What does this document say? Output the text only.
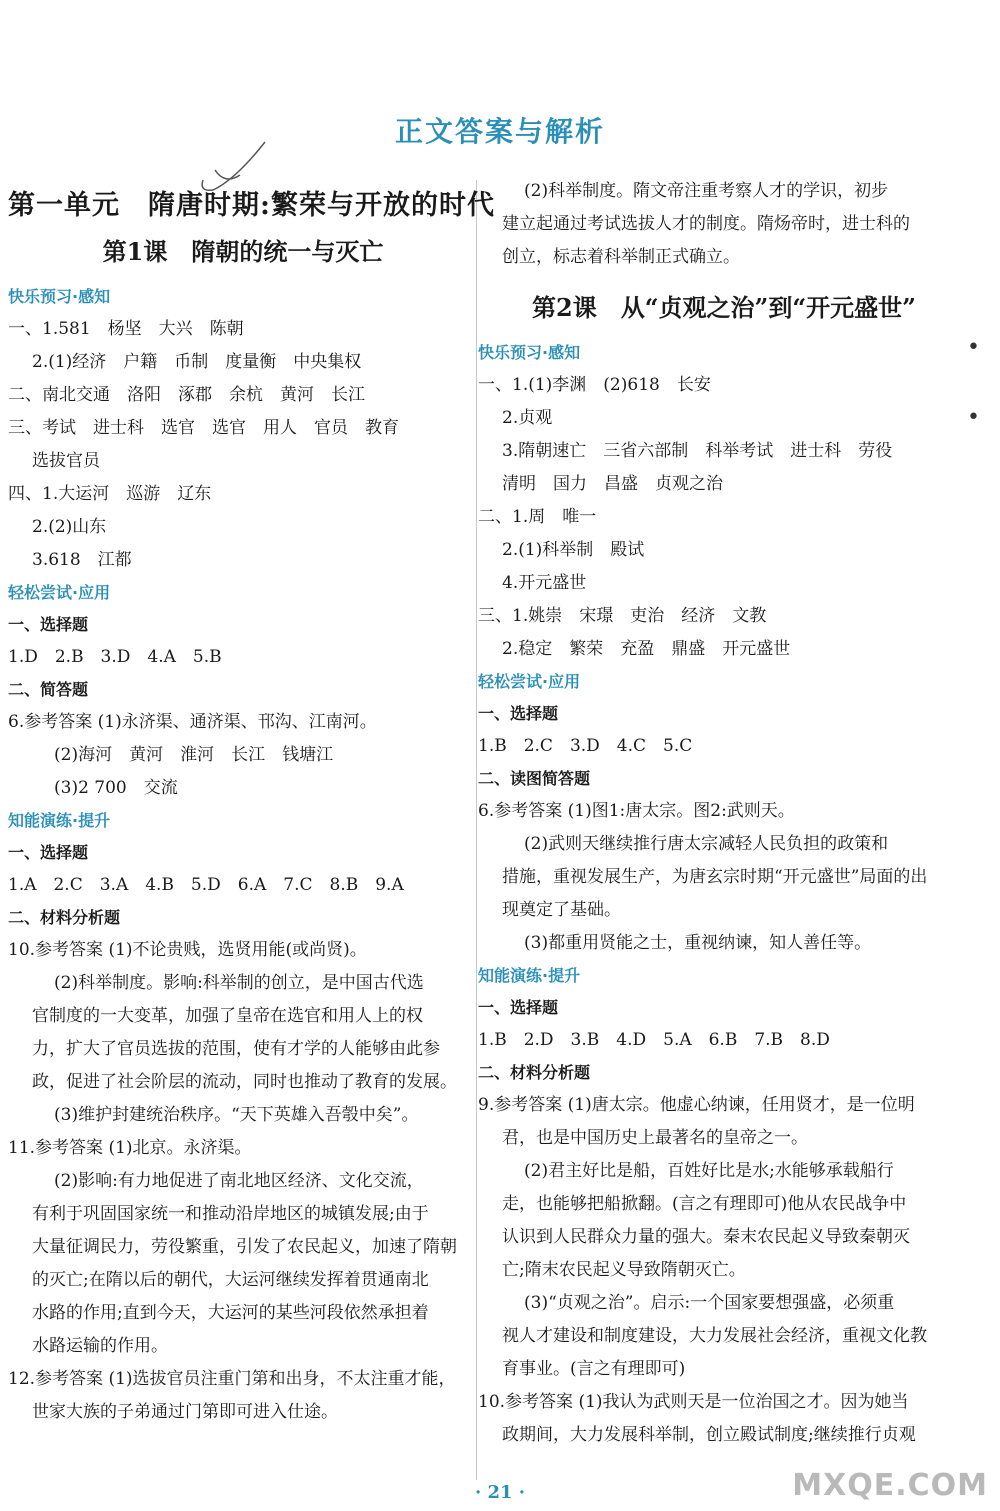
正文答案与解析
第一单元　隋唐时期:繁荣与开放的时代
第1课　隋朝的统一与灭亡
快乐预习·感知
一、1.581　杨坚　大兴　陈朝
2.(1)经济　户籍　币制　度量衡　中央集权
二、南北交通　洛阳　涿郡　余杭　黄河　长江
三、考试　进士科　选官　选官　用人　官员　教育
选拔官员
四、1.大运河　巡游　辽东
2.(2)山东
3.618　江都
轻松尝试·应用
一、选择题
1.D　2.B　3.D　4.A　5.B
二、简答题
6.参考答案 (1)永济渠、通济渠、邗沟、江南河。
(2)海河　黄河　淮河　长江　钱塘江
(3)2 700　交流
知能演练·提升
一、选择题
1.A　2.C　3.A　4.B　5.D　6.A　7.C　8.B　9.A
二、材料分析题
10.参考答案 (1)不论贵贱，选贤用能(或尚贤)。
(2)科举制度。影响:科举制的创立，是中国古代选
官制度的一大变革，加强了皇帝在选官和用人上的权
力，扩大了官员选拔的范围，使有才学的人能够由此参
政，促进了社会阶层的流动，同时也推动了教育的发展。
(3)维护封建统治秩序。“天下英雄入吾彀中矣”。
11.参考答案 (1)北京。永济渠。
(2)影响:有力地促进了南北地区经济、文化交流，
有利于巩固国家统一和推动沿岸地区的城镇发展;由于
大量征调民力，劳役繁重，引发了农民起义，加速了隋朝
的灭亡;在隋以后的朝代，大运河继续发挥着贯通南北
水路的作用;直到今天，大运河的某些河段依然承担着
水路运输的作用。
12.参考答案 (1)选拔官员注重门第和出身，不太注重才能，
世家大族的子弟通过门第即可进入仕途。
(2)科举制度。隋文帝注重考察人才的学识，初步
建立起通过考试选拔人才的制度。隋炀帝时，进士科的
创立，标志着科举制正式确立。
第2课　从“贞观之治”到“开元盛世”
快乐预习·感知
一、1.(1)李渊　(2)618　长安
2.贞观
3.隋朝速亡　三省六部制　科举考试　进士科　劳役
清明　国力　昌盛　贞观之治
二、1.周　唯一
2.(1)科举制　殿试
4.开元盛世
三、1.姚崇　宋璟　吏治　经济　文教
2.稳定　繁荣　充盈　鼎盛　开元盛世
轻松尝试·应用
一、选择题
1.B　2.C　3.D　4.C　5.C
二、读图简答题
6.参考答案 (1)图1:唐太宗。图2:武则天。
(2)武则天继续推行唐太宗减轻人民负担的政策和
措施，重视发展生产，为唐玄宗时期“开元盛世”局面的出
现奠定了基础。
(3)都重用贤能之士，重视纳谏，知人善任等。
知能演练·提升
一、选择题
1.B　2.D　3.B　4.D　5.A　6.B　7.B　8.D
二、材料分析题
9.参考答案 (1)唐太宗。他虚心纳谏，任用贤才，是一位明
君，也是中国历史上最著名的皇帝之一。
(2)君主好比是船，百姓好比是水;水能够承载船行
走，也能够把船掀翻。(言之有理即可)他从农民战争中
认识到人民群众力量的强大。秦末农民起义导致秦朝灭
亡;隋末农民起义导致隋朝灭亡。
(3)“贞观之治”。启示:一个国家要想强盛，必须重
视人才建设和制度建设，大力发展社会经济，重视文化教
育事业。(言之有理即可)
10.参考答案 (1)我认为武则天是一位治国之才。因为她当
政期间，大力发展科举制，创立殿试制度;继续推行贞观
•
•
· 21 ·	MXQE.COM
